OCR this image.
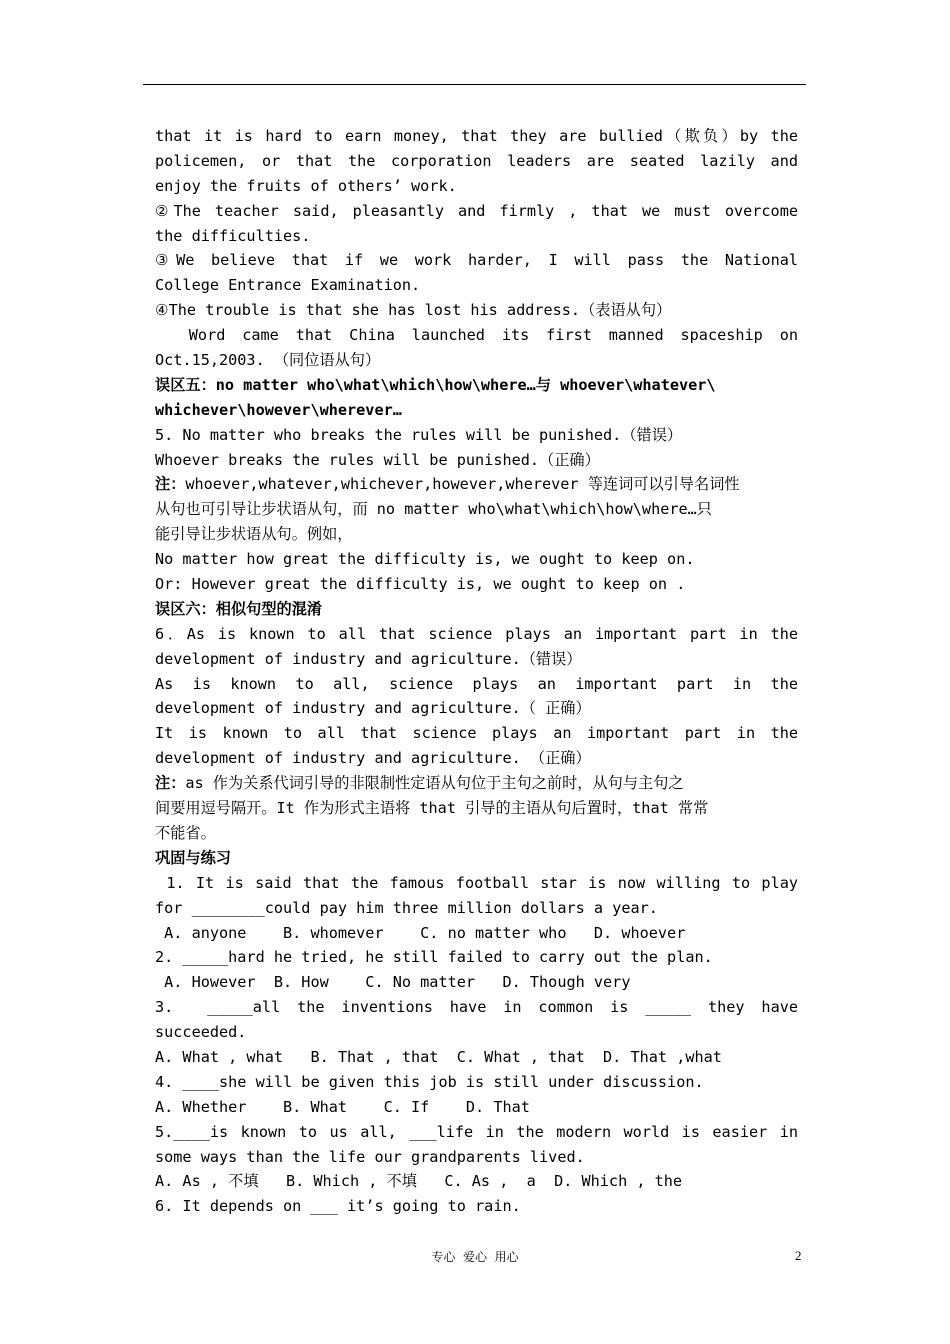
that it is hard to earn money, that they are bullied（欺负）by the
policemen, or that the corporation leaders are seated lazily and
enjoy the fruits of others’ work.
②The teacher said, pleasantly and firmly , that we must overcome
the difficulties.
③We believe that if we work harder, I will pass the National
College Entrance Examination.
④The trouble is that she has lost his address.（表语从句）
Word came that China launched its first manned spaceship on
Oct.15,2003. （同位语从句）
误区五：no matter who\what\which\how\where…与 whoever\whatever\
whichever\however\wherever…
5. No matter who breaks the rules will be punished.（错误）
Whoever breaks the rules will be punished.（正确）
注：whoever,whatever,whichever,however,wherever 等连词可以引导名词性
从句也可引导让步状语从句，而 no matter who\what\which\how\where…只
能引导让步状语从句。例如，
No matter how great the difficulty is, we ought to keep on.
Or: However great the difficulty is, we ought to keep on .
误区六：相似句型的混淆
6．As is known to all that science plays an important part in the
development of industry and agriculture.（错误）
As is known to all, science plays an important part in the
development of industry and agriculture.（ 正确）
It is known to all that science plays an important part in the
development of industry and agriculture. （正确）
注：as 作为关系代词引导的非限制性定语从句位于主句之前时，从句与主句之
间要用逗号隔开。It 作为形式主语将 that 引导的主语从句后置时，that 常常
不能省。
巩固与练习
1. It is said that the famous football star is now willing to play
for ________could pay him three million dollars a year.
A. anyone    B. whomever    C. no matter who   D. whoever
2. _____hard he tried, he still failed to carry out the plan.
A. However  B. How    C. No matter   D. Though very
3.  _____all the inventions have in common is _____ they have
succeeded.
A. What , what   B. That , that  C. What , that  D. That ,what
4. ____she will be given this job is still under discussion.
A. Whether    B. What    C. If    D. That
5.____is known to us all, ___life in the modern world is easier in
some ways than the life our grandparents lived.
A. As , 不填   B. Which , 不填   C. As ,  a  D. Which , the
6. It depends on ___ it’s going to rain.
专心  爱心  用心	2
